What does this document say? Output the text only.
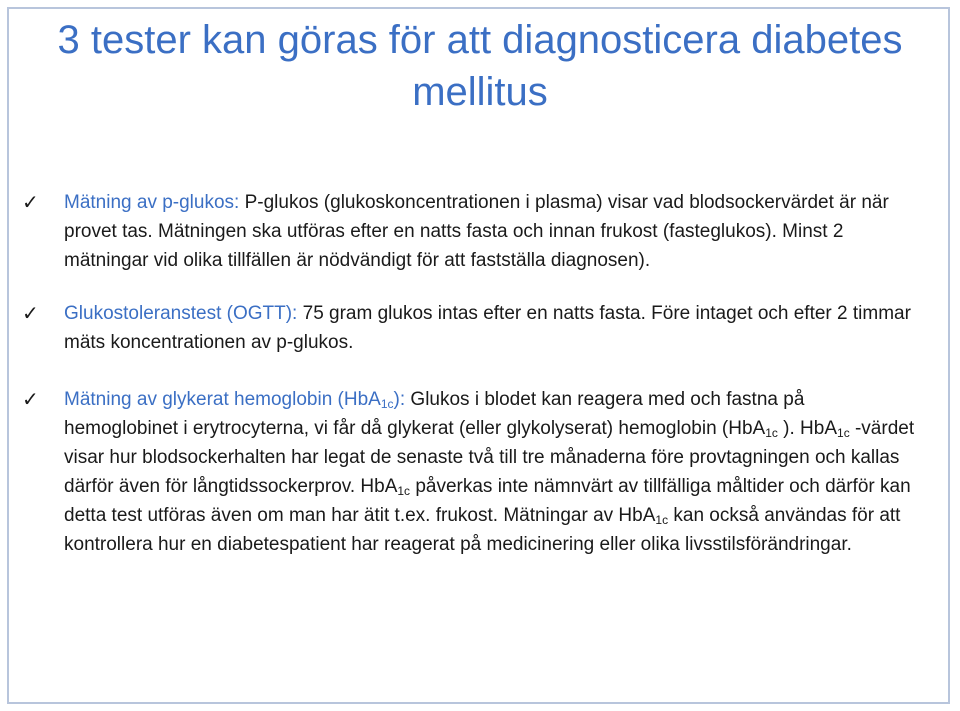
3 tester kan göras för att diagnosticera diabetes mellitus
✓	Mätning av p-glukos: P-glukos (glukoskoncentrationen i plasma) visar vad blodsockervärdet är när provet tas. Mätningen ska utföras efter en natts fasta och innan frukost (fasteglukos). Minst 2 mätningar vid olika tillfällen är nödvändigt för att fastställa diagnosen).
✓	Glukostoleranstest (OGTT): 75 gram glukos intas efter en natts fasta. Före intaget och efter 2 timmar mäts koncentrationen av p-glukos.
✓	Mätning av glykerat hemoglobin (HbA$_{1c}$): Glukos i blodet kan reagera med och fastna på hemoglobinet i erytrocyterna, vi får då glykerat (eller glykolyserat) hemoglobin (HbA$_{1c}$ ). HbA$_{1c}$ -värdet visar hur blodsockerhalten har legat de senaste två till tre månaderna före provtagningen och kallas därför även för långtidssockerprov. HbA$_{1c}$ påverkas inte nämnvärt av tillfälliga måltider och därför kan detta test utföras även om man har ätit t.ex. frukost. Mätningar av HbA$_{1c}$ kan också användas för att kontrollera hur en diabetespatient har reagerat på medicinering eller olika livsstilsförändringar.
